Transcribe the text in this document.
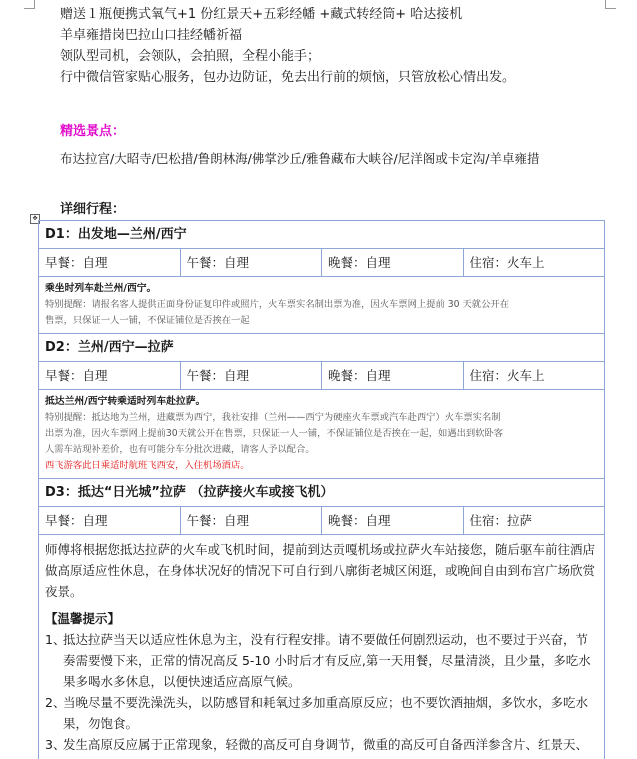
赠送１瓶便携式氧气+1 份红景天+五彩经幡 +藏式转经筒+ 哈达接机
羊卓雍措岗巴拉山口挂经幡祈福
领队型司机，会领队，会拍照，全程小能手；
行中微信管家贴心服务，包办边防证，免去出行前的烦恼，只管放松心情出发。
精选景点：
布达拉宫/大昭寺/巴松措/鲁朗林海/佛掌沙丘/雅鲁藏布大峡谷/尼洋阁或卡定沟/羊卓雍措
详细行程：
✥
D1：出发地—兰州/西宁
早餐：自理	午餐：自理	晚餐：自理	住宿：火车上
乘坐时列车赴兰州/西宁。
特别提醒：请报名客人提供正面身份证复印件或照片，火车票实名制出票为准，因火车票网上提前 30 天就公开在
售票，只保证一人一铺，不保证铺位是否挨在一起
D2：兰州/西宁—拉萨
早餐：自理	午餐：自理	晚餐：自理	住宿：火车上
抵达兰州/西宁转乘适时列车赴拉萨。
特别提醒：抵达地为兰州，进藏票为西宁，我社安排（兰州——西宁为硬座火车票或汽车赴西宁）火车票实名制
出票为准，因火车票网上提前30天就公开在售票，只保证一人一铺，不保证铺位是否挨在一起，如遇出到软卧客
人需车站现补差价，也有可能分车分批次进藏，请客人予以配合。
西飞游客此日乘适时航班飞西安，入住机场酒店。
D3：抵达“日光城”拉萨 （拉萨接火车或接飞机）
早餐：自理	午餐：自理	晚餐：自理	住宿：拉萨
师傅将根据您抵达拉萨的火车或飞机时间，提前到达贡嘎机场或拉萨火车站接您，随后驱车前往酒店做高原适应性休息，在身体状况好的情况下可自行到八廓街老城区闲逛，或晚间自由到布宫广场欣赏夜景。
【温馨提示】
1、
抵达拉萨当天以适应性休息为主，没有行程安排。请不要做任何剧烈运动，也不要过于兴奋，节奏需要慢下来，正常的情况高反 5-10 小时后才有反应,第一天用餐，尽量清淡，且少量，多吃水果多喝水多休息，以便快速适应高原气候。
2、
当晚尽量不要洗澡洗头，以防感冒和耗氧过多加重高原反应；也不要饮酒抽烟，多饮水，多吃水果，勿饱食。
3、
发生高原反应属于正常现象，轻微的高反可自身调节，微重的高反可自备西洋参含片、红景天、
